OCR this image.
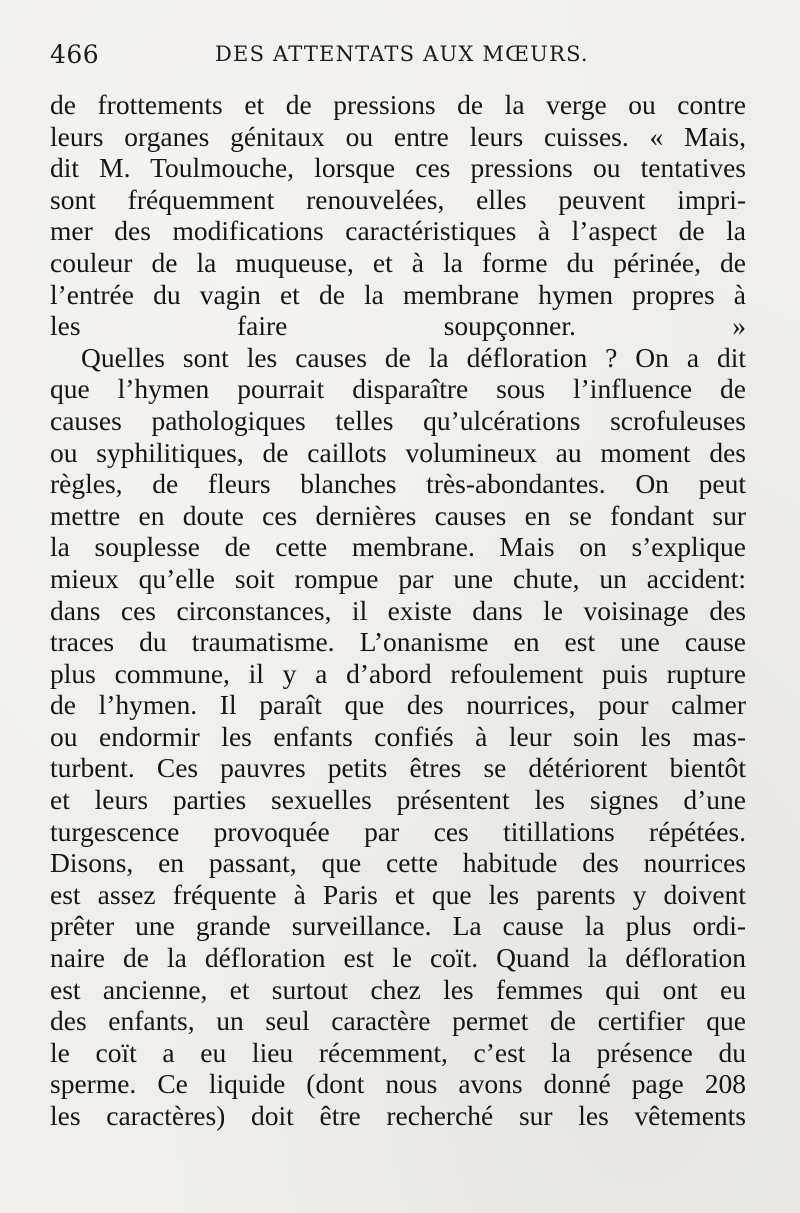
466	DES ATTENTATS AUX MŒURS.
de frottements et de pressions de la verge ou contre
leurs organes génitaux ou entre leurs cuisses. « Mais,
dit M. Toulmouche, lorsque ces pressions ou tentatives
sont fréquemment renouvelées, elles peuvent impri-
mer des modifications caractéristiques à l’aspect de la
couleur de la muqueuse, et à la forme du périnée, de
l’entrée du vagin et de la membrane hymen propres à
les faire soupçonner. »
Quelles sont les causes de la défloration ? On a dit
que l’hymen pourrait disparaître sous l’influence de
causes pathologiques telles qu’ulcérations scrofuleuses
ou syphilitiques, de caillots volumineux au moment des
règles, de fleurs blanches très-abondantes. On peut
mettre en doute ces dernières causes en se fondant sur
la souplesse de cette membrane. Mais on s’explique
mieux qu’elle soit rompue par une chute, un accident:
dans ces circonstances, il existe dans le voisinage des
traces du traumatisme. L’onanisme en est une cause
plus commune, il y a d’abord refoulement puis rupture
de l’hymen. Il paraît que des nourrices, pour calmer
ou endormir les enfants confiés à leur soin les mas-
turbent. Ces pauvres petits êtres se détériorent bientôt
et leurs parties sexuelles présentent les signes d’une
turgescence provoquée par ces titillations répétées.
Disons, en passant, que cette habitude des nourrices
est assez fréquente à Paris et que les parents y doivent
prêter une grande surveillance. La cause la plus ordi-
naire de la défloration est le coït. Quand la défloration
est ancienne, et surtout chez les femmes qui ont eu
des enfants, un seul caractère permet de certifier que
le coït a eu lieu récemment, c’est la présence du
sperme. Ce liquide (dont nous avons donné page 208
les caractères) doit être recherché sur les vêtements
